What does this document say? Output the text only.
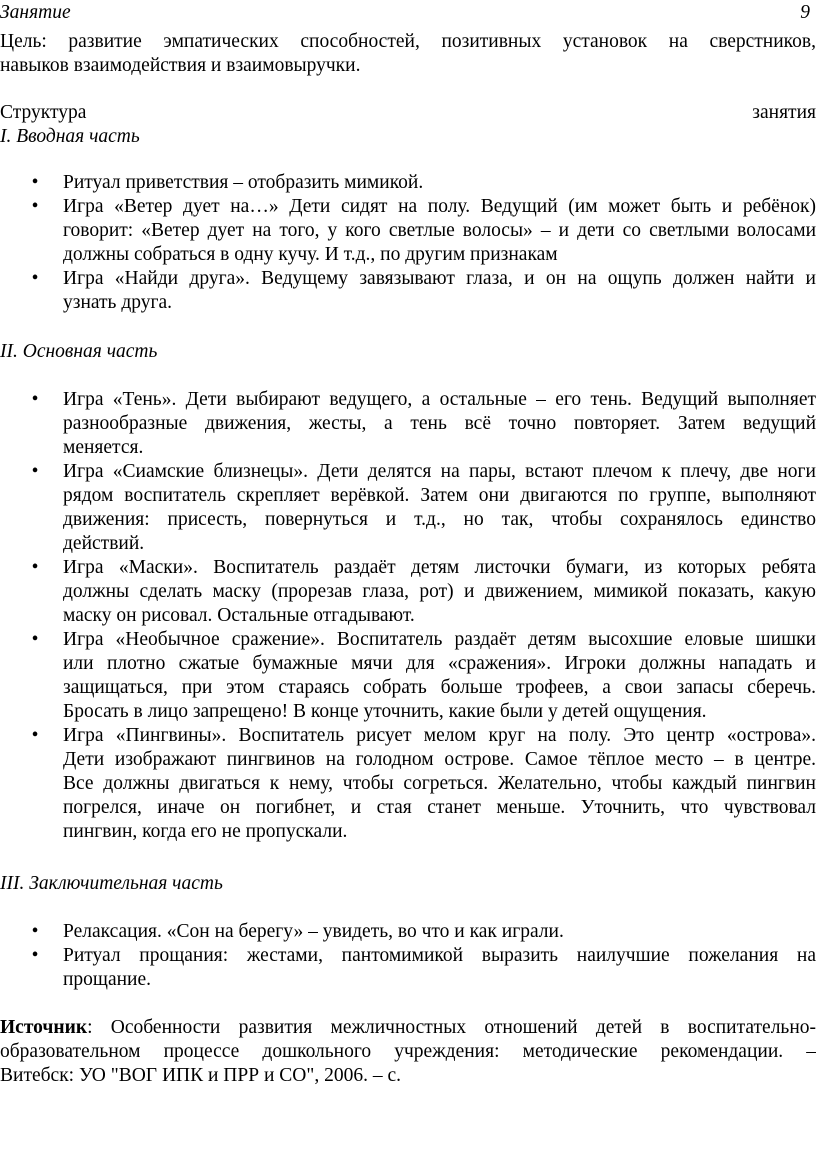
Занятие	9
Цель: развитие эмпатических способностей, позитивных установок на сверстников,
навыков взаимодействия и взаимовыручки.
Структура	занятия
I. Вводная часть
• Ритуал приветствия – отобразить мимикой.
• Игра «Ветер дует на…» Дети сидят на полу. Ведущий (им может быть и ребёнок)
говорит: «Ветер дует на того, у кого светлые волосы» – и дети со светлыми волосами
должны собраться в одну кучу. И т.д., по другим признакам
• Игра «Найди друга». Ведущему завязывают глаза, и он на ощупь должен найти и
узнать друга.
II. Основная часть
• Игра «Тень». Дети выбирают ведущего, а остальные – его тень. Ведущий выполняет
разнообразные движения, жесты, а тень всё точно повторяет. Затем ведущий
меняется.
• Игра «Сиамские близнецы». Дети делятся на пары, встают плечом к плечу, две ноги
рядом воспитатель скрепляет верёвкой. Затем они двигаются по группе, выполняют
движения: присесть, повернуться и т.д., но так, чтобы сохранялось единство
действий.
• Игра «Маски». Воспитатель раздаёт детям листочки бумаги, из которых ребята
должны сделать маску (прорезав глаза, рот) и движением, мимикой показать, какую
маску он рисовал. Остальные отгадывают.
• Игра «Необычное сражение». Воспитатель раздаёт детям высохшие еловые шишки
или плотно сжатые бумажные мячи для «сражения». Игроки должны нападать и
защищаться, при этом стараясь собрать больше трофеев, а свои запасы сберечь.
Бросать в лицо запрещено! В конце уточнить, какие были у детей ощущения.
• Игра «Пингвины». Воспитатель рисует мелом круг на полу. Это центр «острова».
Дети изображают пингвинов на голодном острове. Самое тёплое место – в центре.
Все должны двигаться к нему, чтобы согреться. Желательно, чтобы каждый пингвин
погрелся, иначе он погибнет, и стая станет меньше. Уточнить, что чувствовал
пингвин, когда его не пропускали.
III. Заключительная часть
• Релаксация. «Сон на берегу» – увидеть, во что и как играли.
• Ритуал прощания: жестами, пантомимикой выразить наилучшие пожелания на
прощание.
Источник: Особенности развития межличностных отношений детей в воспитательно-
образовательном процессе дошкольного учреждения: методические рекомендации. –
Витебск: УО "ВОГ ИПК и ПРР и СО", 2006. – с.
